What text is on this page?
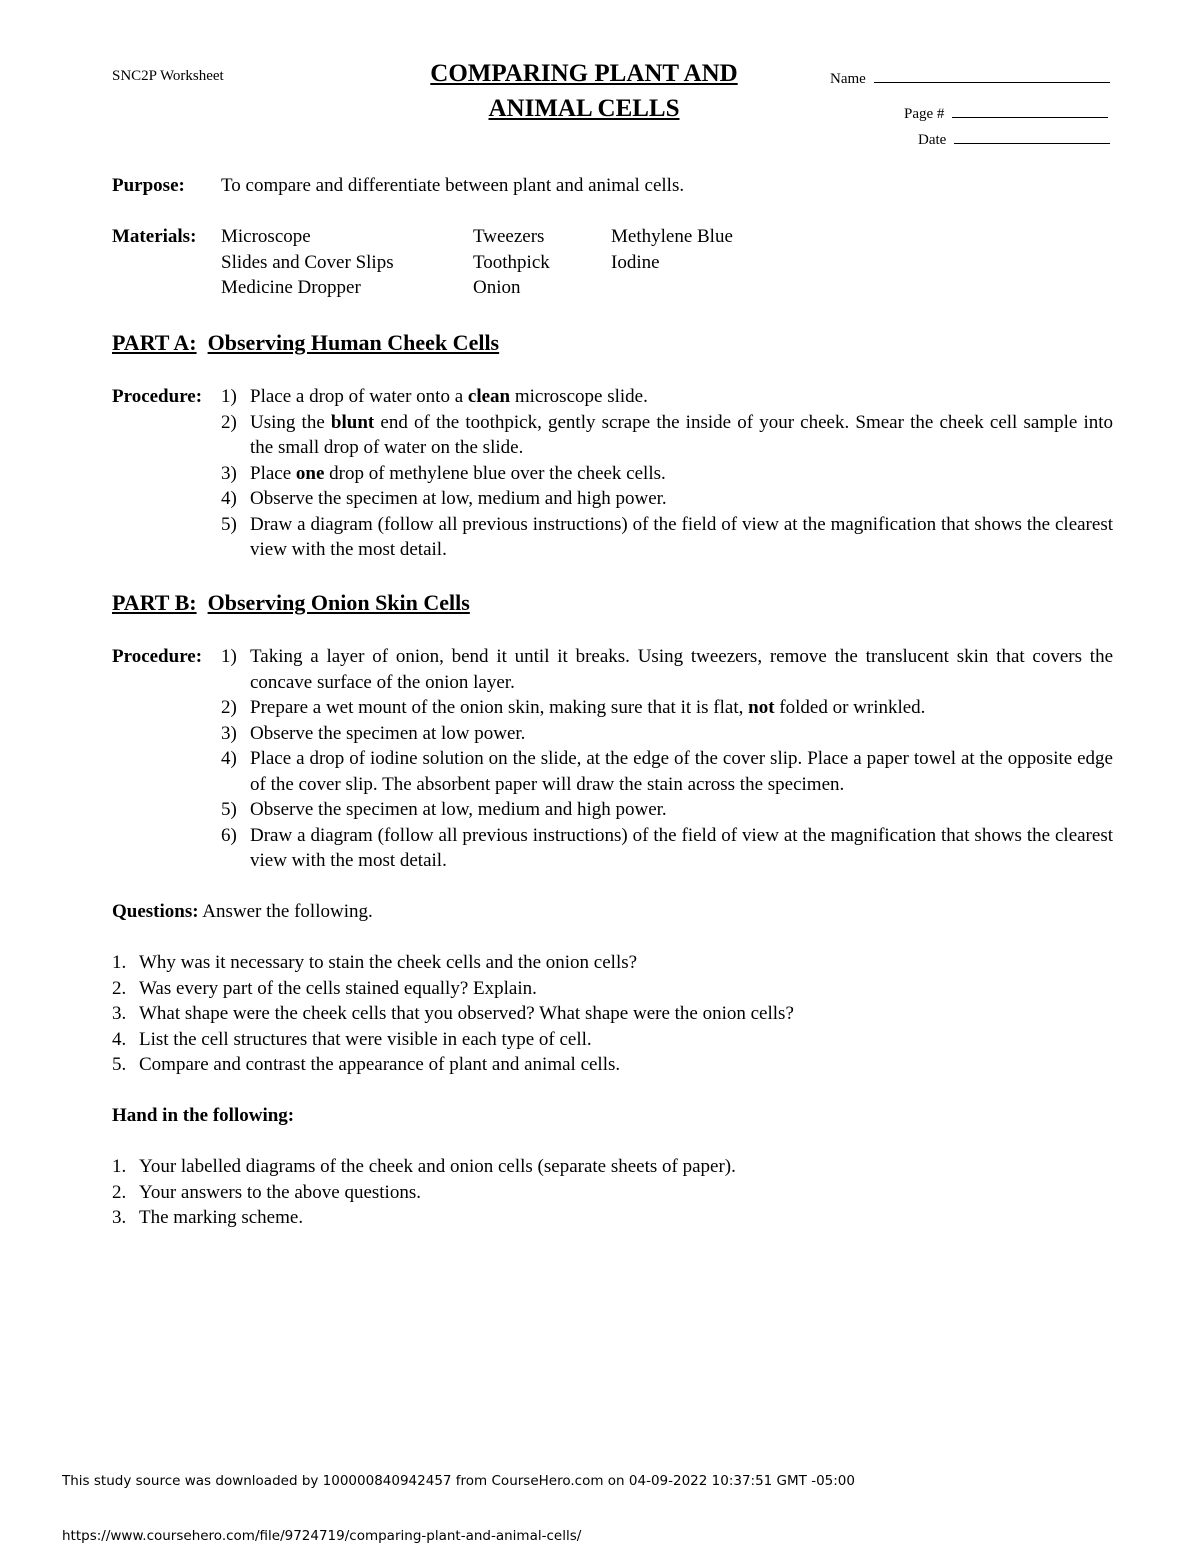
SNC2P Worksheet	COMPARING PLANT AND
ANIMAL CELLS
Name
Page #
Date
Purpose: To compare and differentiate between plant and animal cells.
Materials: Microscope	Tweezers	Methylene Blue
Slides and Cover Slips	Toothpick	Iodine
Medicine Dropper	Onion	
PART A: Observing Human Cheek Cells
Procedure: 1) Place a drop of water onto a clean microscope slide.
2) Using the blunt end of the toothpick, gently scrape the inside of your cheek. Smear the cheek cell sample into the small drop of water on the slide.
3) Place one drop of methylene blue over the cheek cells.
4) Observe the specimen at low, medium and high power.
5) Draw a diagram (follow all previous instructions) of the field of view at the magnification that shows the clearest view with the most detail.
PART B: Observing Onion Skin Cells
Procedure: 1) Taking a layer of onion, bend it until it breaks. Using tweezers, remove the translucent skin that covers the concave surface of the onion layer.
2) Prepare a wet mount of the onion skin, making sure that it is flat, not folded or wrinkled.
3) Observe the specimen at low power.
4) Place a drop of iodine solution on the slide, at the edge of the cover slip. Place a paper towel at the opposite edge of the cover slip. The absorbent paper will draw the stain across the specimen.
5) Observe the specimen at low, medium and high power.
6) Draw a diagram (follow all previous instructions) of the field of view at the magnification that shows the clearest view with the most detail.
Questions: Answer the following.
1. Why was it necessary to stain the cheek cells and the onion cells?
2. Was every part of the cells stained equally? Explain.
3. What shape were the cheek cells that you observed? What shape were the onion cells?
4. List the cell structures that were visible in each type of cell.
5. Compare and contrast the appearance of plant and animal cells.
Hand in the following:
1. Your labelled diagrams of the cheek and onion cells (separate sheets of paper).
2. Your answers to the above questions.
3. The marking scheme.
This study source was downloaded by 100000840942457 from CourseHero.com on 04-09-2022 10:37:51 GMT -05:00
https://www.coursehero.com/file/9724719/comparing-plant-and-animal-cells/
